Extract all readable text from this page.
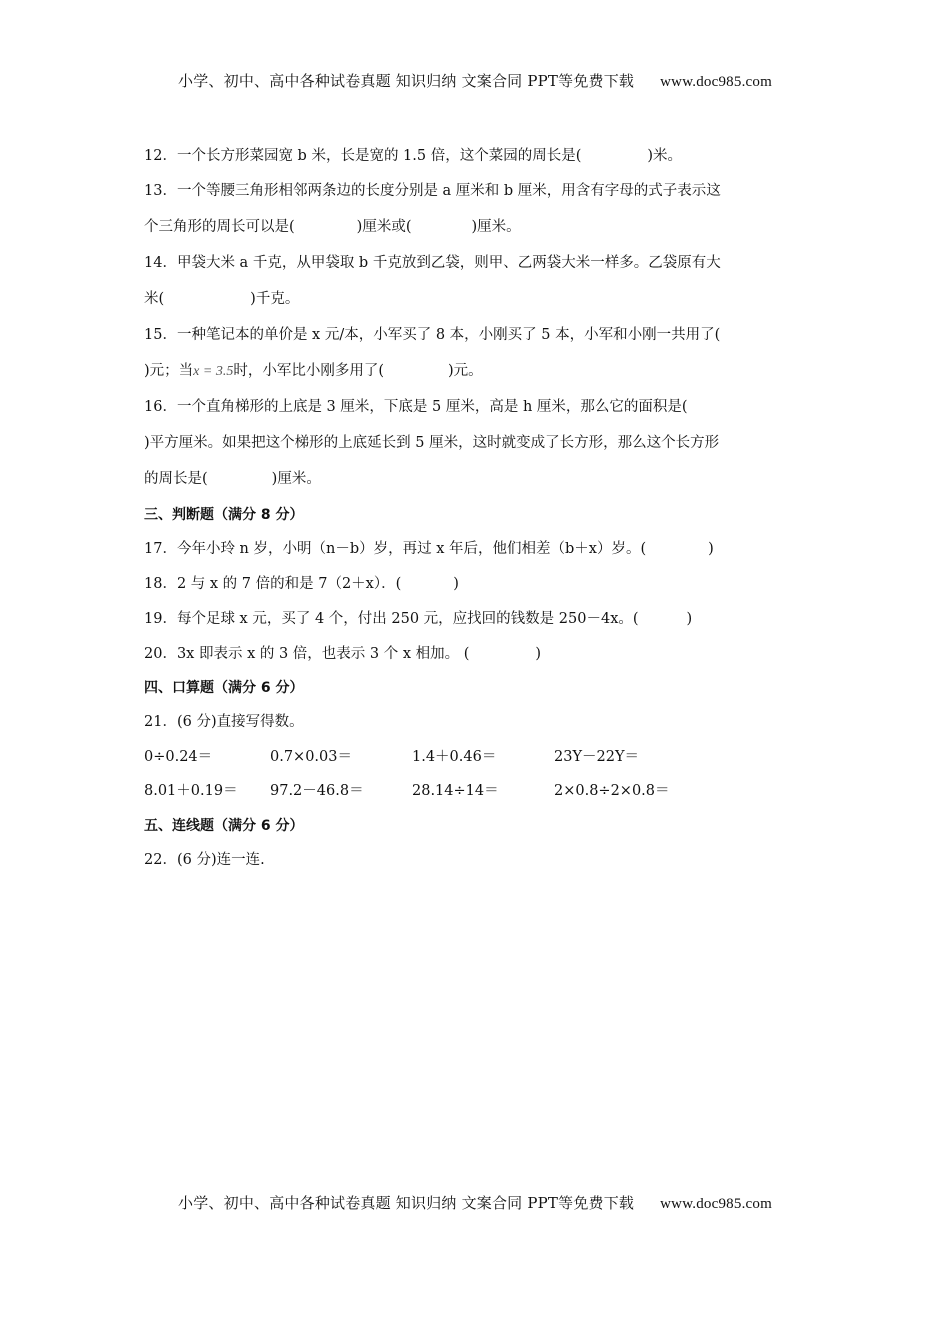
小学、初中、高中各种试卷真题 知识归纳 文案合同 PPT等免费下载 www.doc985.com
12．一个长方形菜园宽 b 米，长是宽的 1.5 倍，这个菜园的周长是(	)米。
13．一个等腰三角形相邻两条边的长度分别是 a 厘米和 b 厘米，用含有字母的式子表示这
个三角形的周长可以是(	)厘米或(	)厘米。
14．甲袋大米 a 千克，从甲袋取 b 千克放到乙袋，则甲、乙两袋大米一样多。乙袋原有大
米(	)千克。
15．一种笔记本的单价是 x 元/本，小军买了 8 本，小刚买了 5 本，小军和小刚一共用了(
)元；当x = 3.5时，小军比小刚多用了(	)元。
16．一个直角梯形的上底是 3 厘米，下底是 5 厘米，高是 h 厘米，那么它的面积是(
)平方厘米。如果把这个梯形的上底延长到 5 厘米，这时就变成了长方形，那么这个长方形
的周长是(	)厘米。
三、判断题（满分 8 分）
17．今年小玲 n 岁，小明（n－b）岁，再过 x 年后，他们相差（b＋x）岁。(	)
18．2 与 x 的 7 倍的和是 7（2＋x）．(	)
19．每个足球 x 元，买了 4 个，付出 250 元，应找回的钱数是 250－4x。(	)
20．3x 即表示 x 的 3 倍，也表示 3 个 x 相加。 (	)
四、口算题（满分 6 分）
21．(6 分)直接写得数。
0÷0.24＝	0.7×0.03＝	1.4＋0.46＝	23Y－22Y＝
8.01＋0.19＝ 97.2－46.8＝	28.14÷14＝	2×0.8÷2×0.8＝
五、连线题（满分 6 分）
22．(6 分)连一连.
小学、初中、高中各种试卷真题 知识归纳 文案合同 PPT等免费下载 www.doc985.com
